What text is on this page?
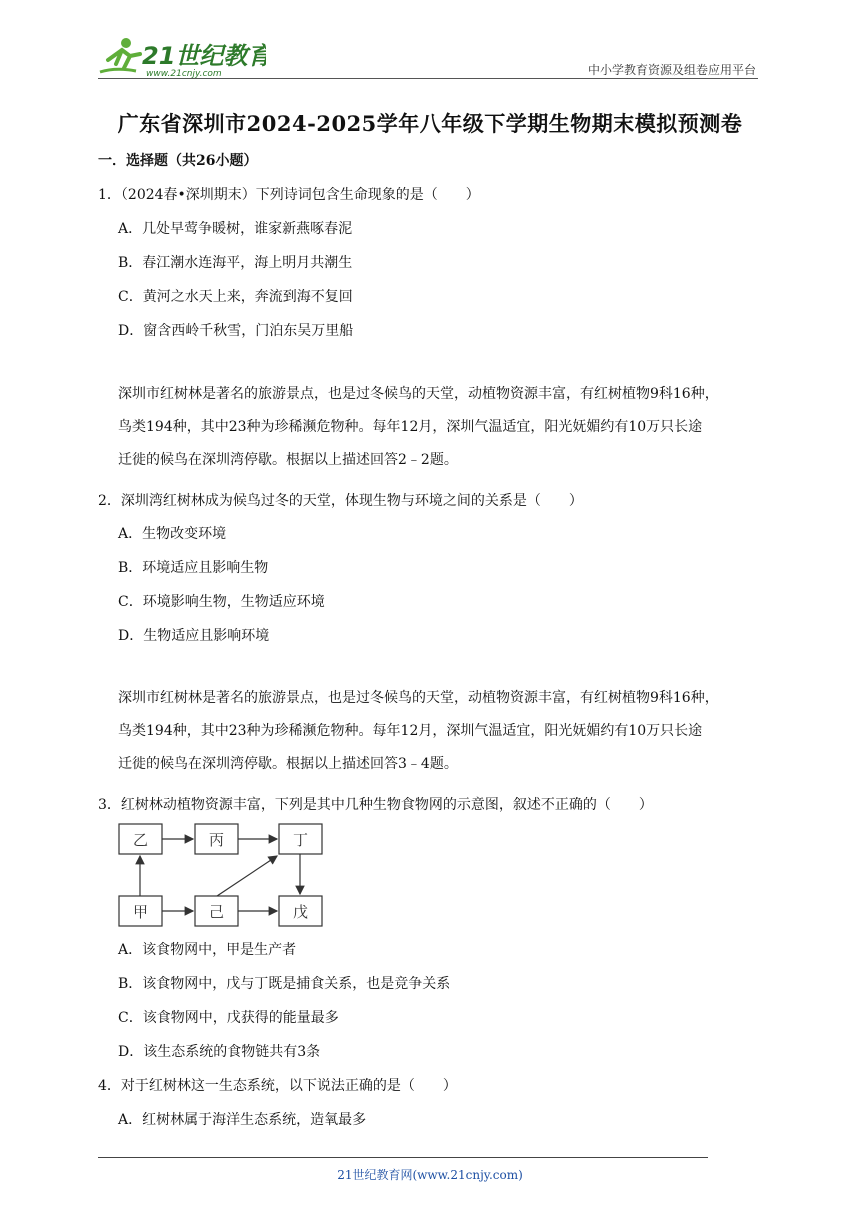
21世纪教育
www.21cnjy.com	中小学教育资源及组卷应用平台
广东省深圳市2024-2025学年八年级下学期生物期末模拟预测卷
一．选择题（共26小题）
1．（2024春•深圳期末）下列诗词包含生命现象的是（　　）
A．几处早莺争暖树，谁家新燕啄春泥
B．春江潮水连海平，海上明月共潮生
C．黄河之水天上来，奔流到海不复回
D．窗含西岭千秋雪，门泊东吴万里船
深圳市红树林是著名的旅游景点，也是过冬候鸟的天堂，动植物资源丰富，有红树植物9科16种，
鸟类194种，其中23种为珍稀濒危物种。每年12月，深圳气温适宜，阳光妩媚约有10万只长途
迁徙的候鸟在深圳湾停歇。根据以上描述回答2﹣2题。
2．深圳湾红树林成为候鸟过冬的天堂，体现生物与环境之间的关系是（　　）
A．生物改变环境
B．环境适应且影响生物
C．环境影响生物，生物适应环境
D．生物适应且影响环境
深圳市红树林是著名的旅游景点，也是过冬候鸟的天堂，动植物资源丰富，有红树植物9科16种，
鸟类194种，其中23种为珍稀濒危物种。每年12月，深圳气温适宜，阳光妩媚约有10万只长途
迁徙的候鸟在深圳湾停歇。根据以上描述回答3﹣4题。
3．红树林动植物资源丰富，下列是其中几种生物食物网的示意图，叙述不正确的（　　）
乙	丙	丁
甲	己	戊
A．该食物网中，甲是生产者
B．该食物网中，戊与丁既是捕食关系，也是竞争关系
C．该食物网中，戊获得的能量最多
D．该生态系统的食物链共有3条
4．对于红树林这一生态系统，以下说法正确的是（　　）
A．红树林属于海洋生态系统，造氧最多
21世纪教育网(www.21cnjy.com)
